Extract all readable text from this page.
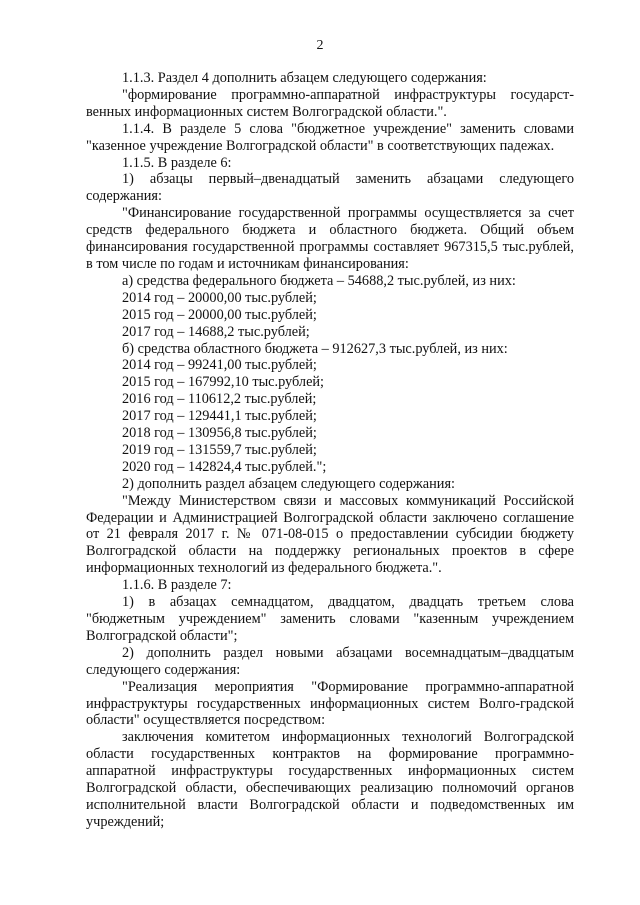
2

1.1.3. Раздел 4 дополнить абзацем следующего содержания:

"формирование программно-аппаратной инфраструктуры государст-венных информационных систем Волгоградской области.".

1.1.4. В разделе 5 слова "бюджетное учреждение" заменить словами "казенное учреждение Волгоградской области" в соответствующих падежах.

1.1.5. В разделе 6:

1) абзацы первый–двенадцатый заменить абзацами следующего содержания:

"Финансирование государственной программы осуществляется за счет средств федерального бюджета и областного бюджета. Общий объем финансирования государственной программы составляет 967315,5 тыс.рублей, в том числе по годам и источникам финансирования:

а) средства федерального бюджета – 54688,2 тыс.рублей, из них:

2014 год – 20000,00 тыс.рублей;

2015 год – 20000,00 тыс.рублей;

2017 год – 14688,2 тыс.рублей;

б) средства областного бюджета – 912627,3 тыс.рублей, из них:

2014 год – 99241,00 тыс.рублей;

2015 год – 167992,10 тыс.рублей;

2016 год – 110612,2 тыс.рублей;

2017 год – 129441,1 тыс.рублей;

2018 год – 130956,8 тыс.рублей;

2019 год – 131559,7 тыс.рублей;

2020 год – 142824,4 тыс.рублей.";

2) дополнить раздел абзацем следующего содержания:

"Между Министерством связи и массовых коммуникаций Российской Федерации и Администрацией Волгоградской области заключено соглашение от 21 февраля 2017 г. № 071-08-015 о предоставлении субсидии бюджету Волгоградской области на поддержку региональных проектов в сфере информационных технологий из федерального бюджета.".

1.1.6. В разделе 7:

1) в абзацах семнадцатом, двадцатом, двадцать третьем слова "бюджетным учреждением" заменить словами "казенным учреждением Волгоградской области";

2) дополнить раздел новыми абзацами восемнадцатым–двадцатым следующего содержания:

"Реализация мероприятия "Формирование программно-аппаратной инфраструктуры государственных информационных систем Волго-градской области" осуществляется посредством:

заключения комитетом информационных технологий Волгоградской области государственных контрактов на формирование программно-аппаратной инфраструктуры государственных информационных систем Волгоградской области, обеспечивающих реализацию полномочий органов исполнительной власти Волгоградской области и подведомственных им учреждений;
